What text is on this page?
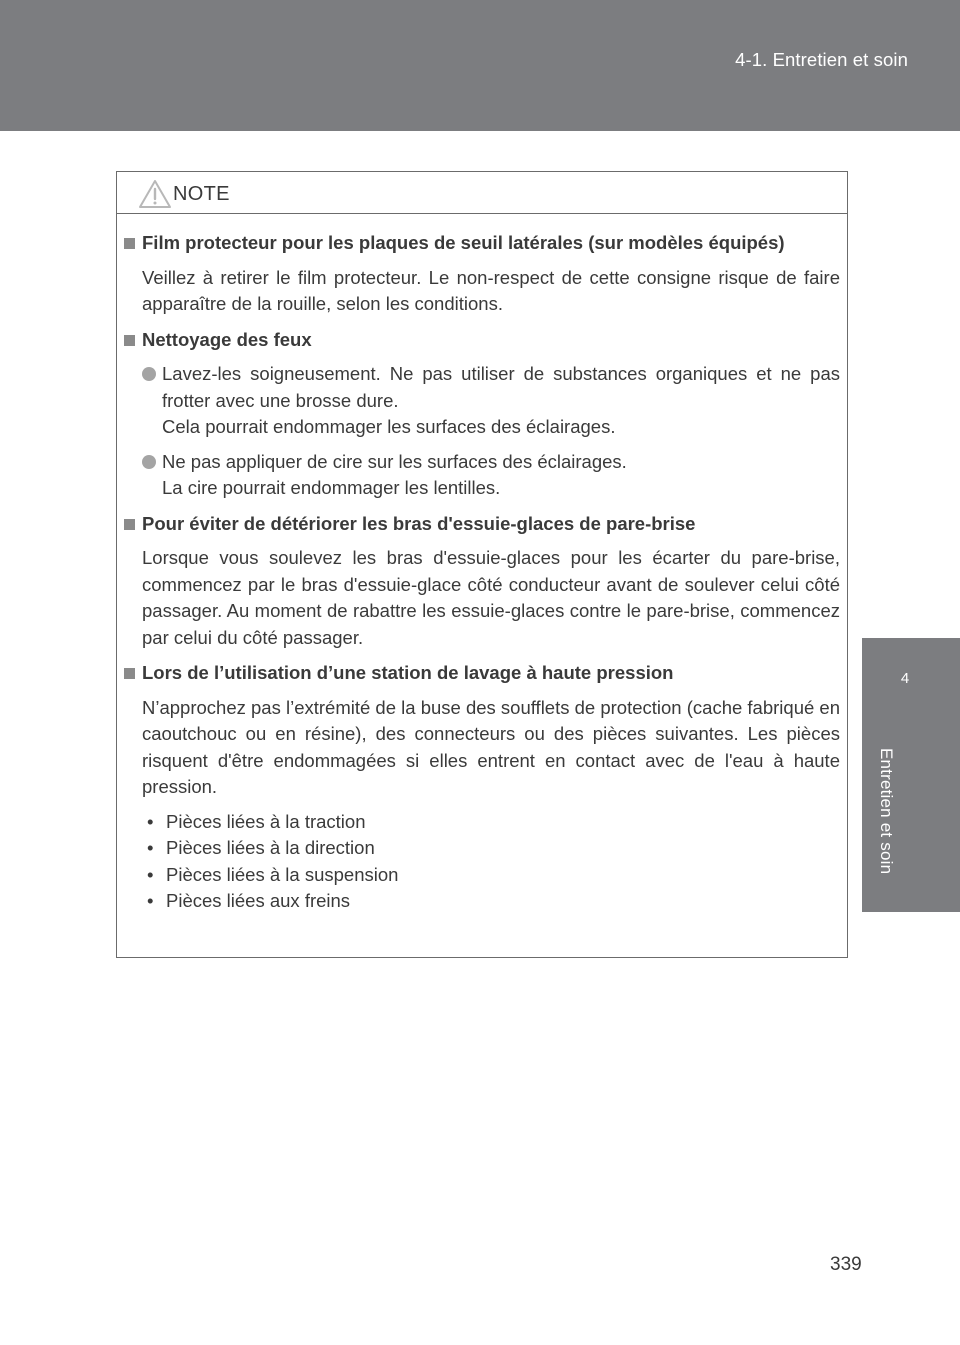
4-1. Entretien et soin
4
Entretien et soin
NOTE
Film protecteur pour les plaques de seuil latérales (sur modèles équipés)
Veillez à retirer le film protecteur. Le non-respect de cette consigne risque de faire apparaître de la rouille, selon les conditions.
Nettoyage des feux
Lavez-les soigneusement. Ne pas utiliser de substances organiques et ne pas frotter avec une brosse dure.
Cela pourrait endommager les surfaces des éclairages.
Ne pas appliquer de cire sur les surfaces des éclairages.
La cire pourrait endommager les lentilles.
Pour éviter de détériorer les bras d'essuie-glaces de pare-brise
Lorsque vous soulevez les bras d'essuie-glaces pour les écarter du pare-brise, commencez par le bras d'essuie-glace côté conducteur avant de soulever celui côté passager. Au moment de rabattre les essuie-glaces contre le pare-brise, commencez par celui du côté passager.
Lors de l’utilisation d’une station de lavage à haute pression
N’approchez pas l’extrémité de la buse des soufflets de protection (cache fabriqué en caoutchouc ou en résine), des connecteurs ou des pièces suivantes. Les pièces risquent d'être endommagées si elles entrent en contact avec de l'eau à haute pression.
• Pièces liées à la traction
• Pièces liées à la direction
• Pièces liées à la suspension
• Pièces liées aux freins
339
